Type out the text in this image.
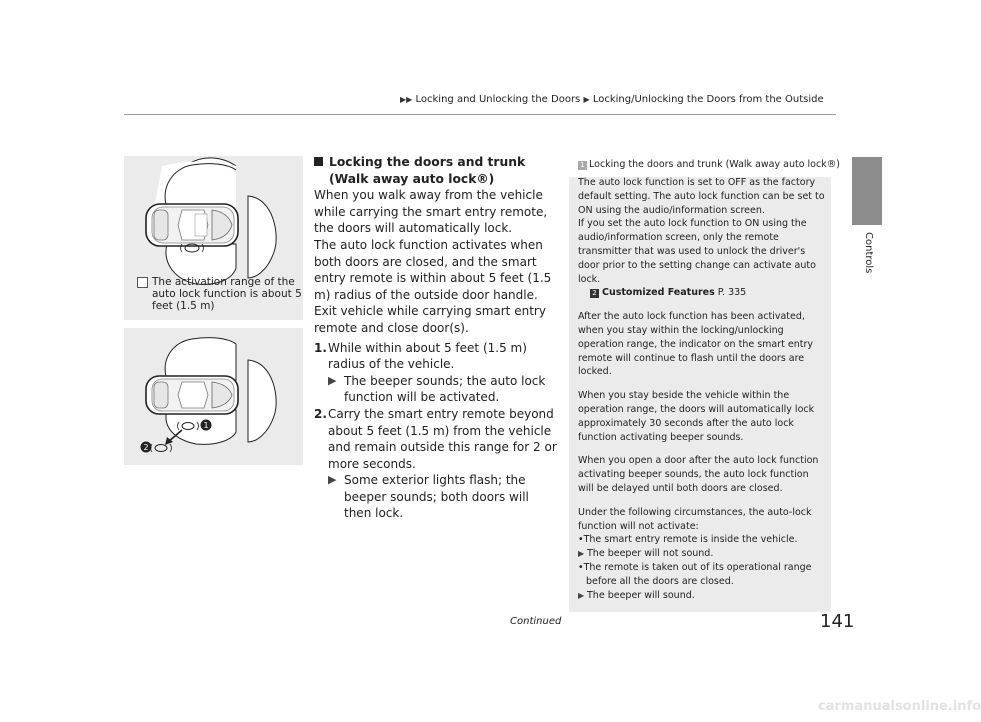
▶▶ Locking and Unlocking the Doors ▶ Locking/Unlocking the Doors from the Outside
Controls
The activation range of the auto lock function is about 5 feet (1.5 m)
1
2

Locking the doors and trunk (Walk away auto lock®)

When you walk away from the vehicle while carrying the smart entry remote, the doors will automatically lock.

The auto lock function activates when both doors are closed, and the smart entry remote is within about 5 feet (1.5 m) radius of the outside door handle.

Exit vehicle while carrying smart entry remote and close door(s).

1. While within about 5 feet (1.5 m) radius of the vehicle.
▶ The beeper sounds; the auto lock function will be activated.
2. Carry the smart entry remote beyond about 5 feet (1.5 m) from the vehicle and remain outside this range for 2 or more seconds.
▶ Some exterior lights flash; the beeper sounds; both doors will then lock.
1 Locking the doors and trunk (Walk away auto lock®)

The auto lock function is set to OFF as the factory default setting. The auto lock function can be set to ON using the audio/information screen.

If you set the auto lock function to ON using the audio/information screen, only the remote transmitter that was used to unlock the driver's door prior to the setting change can activate auto lock.

2 Customized Features P. 335

After the auto lock function has been activated, when you stay within the locking/unlocking operation range, the indicator on the smart entry remote will continue to flash until the doors are locked.

When you stay beside the vehicle within the operation range, the doors will automatically lock approximately 30 seconds after the auto lock function activating beeper sounds.

When you open a door after the auto lock function activating beeper sounds, the auto lock function will be delayed until both doors are closed.

Under the following circumstances, the auto-lock function will not activate:

•The smart entry remote is inside the vehicle.

▶ The beeper will not sound.

•The remote is taken out of its operational range before all the doors are closed.

▶ The beeper will sound.
Continued	141
carmanualsonline.info
